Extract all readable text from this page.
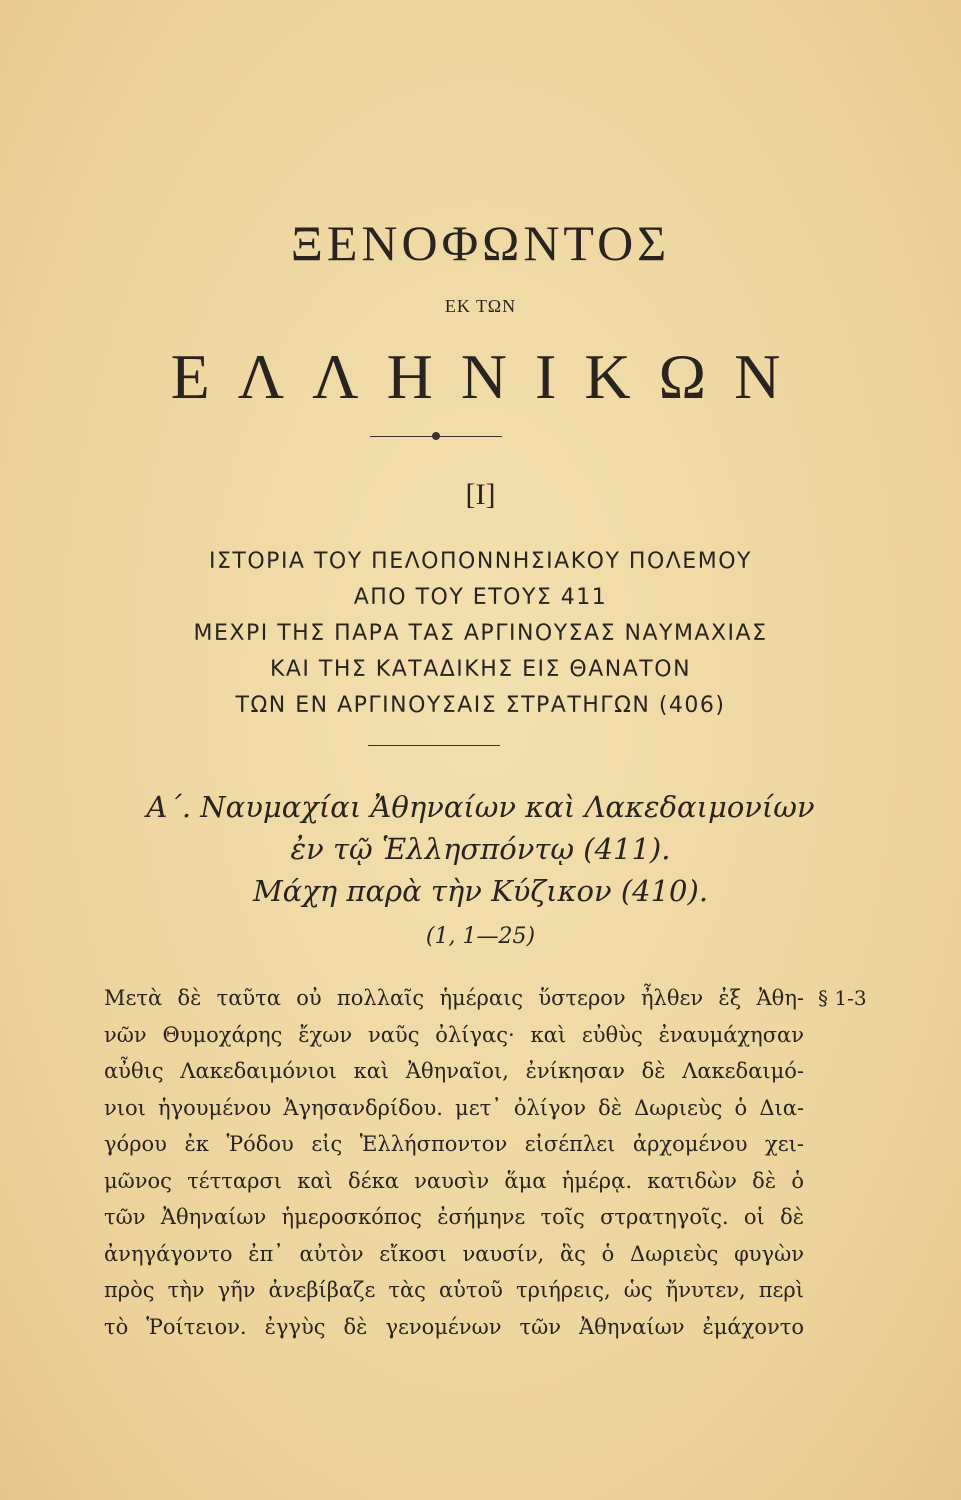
ΞΕΝΟΦΩΝΤΟΣ
ΕΚ ΤΩΝ
ΕΛΛΗΝΙΚΩΝ
[I]
ΙΣΤΟΡΙΑ ΤΟΥ ΠΕΛΟΠΟΝΝΗΣΙΑΚΟΥ ΠΟΛΕΜΟΥ
ΑΠΟ ΤΟΥ ΕΤΟΥΣ 411
ΜΕΧΡΙ ΤΗΣ ΠΑΡΑ ΤΑΣ ΑΡΓΙΝΟΥΣΑΣ ΝΑΥΜΑΧΙΑΣ
ΚΑΙ ΤΗΣ ΚΑΤΑΔΙΚΗΣ ΕΙΣ ΘΑΝΑΤΟΝ
ΤΩΝ ΕΝ ΑΡΓΙΝΟΥΣΑΙΣ ΣΤΡΑΤΗΓΩΝ (406)
Α΄. Ναυμαχίαι Ἀθηναίων καὶ Λακεδαιμονίων
ἐν τῷ Ἑλλησπόντῳ (411).
Μάχη παρὰ τὴν Κύζικον (410).
(1, 1—25)
Μετὰ δὲ ταῦτα οὐ πολλαῖς ἡμέραις ὕστερον ἦλθεν ἐξ Ἀθη-
νῶν Θυμοχάρης ἔχων ναῦς ὀλίγας· καὶ εὐθὺς ἐναυμάχησαν
αὖθις Λακεδαιμόνιοι καὶ Ἀθηναῖοι, ἐνίκησαν δὲ Λακεδαιμό-
νιοι ἡγουμένου Ἀγησανδρίδου. μετ᾽ ὀλίγον δὲ Δωριεὺς ὁ Δια-
γόρου ἐκ Ῥόδου εἰς Ἑλλήσποντον εἰσέπλει ἀρχομένου χει-
μῶνος τέτταρσι καὶ δέκα ναυσὶν ἅμα ἡμέρᾳ. κατιδὼν δὲ ὁ
τῶν Ἀθηναίων ἡμεροσκόπος ἐσήμηνε τοῖς στρατηγοῖς. οἱ δὲ
ἀνηγάγοντο ἐπ᾽ αὐτὸν εἴκοσι ναυσίν, ἃς ὁ Δωριεὺς φυγὼν
πρὸς τὴν γῆν ἀνεβίβαζε τὰς αὑτοῦ τριήρεις, ὡς ἤνυτεν, περὶ
τὸ Ῥοίτειον. ἐγγὺς δὲ γενομένων τῶν Ἀθηναίων ἐμάχοντο
§ 1-3
